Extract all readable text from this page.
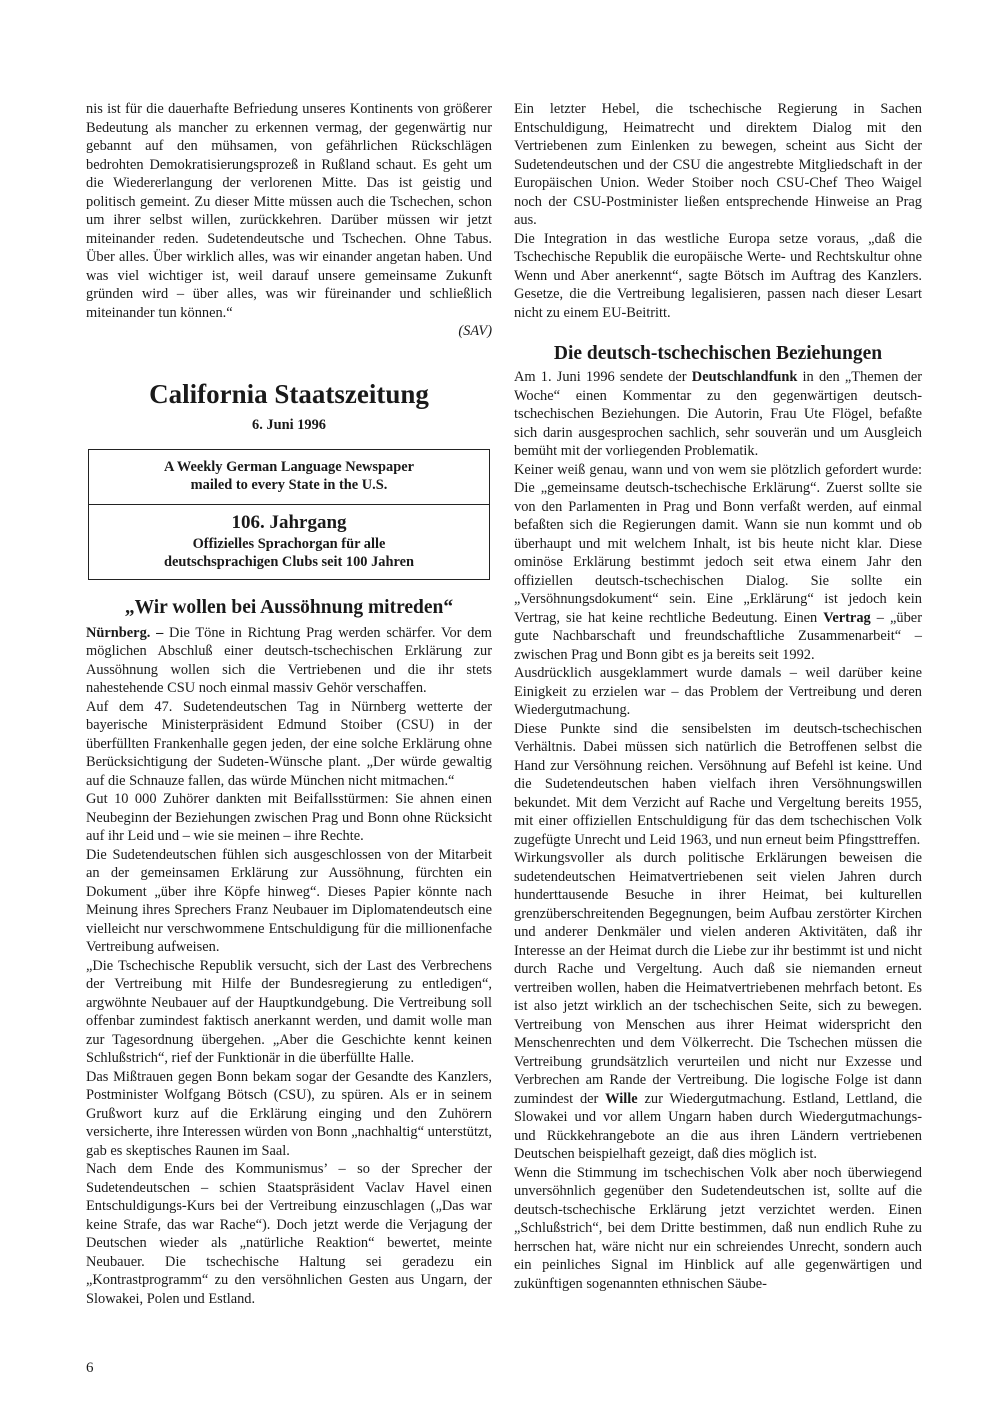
nis ist für die dauerhafte Befriedung unseres Kontinents von größerer Bedeutung als mancher zu erkennen vermag, der gegenwärtig nur gebannt auf den mühsamen, von gefährlichen Rückschlägen bedrohten Demokratisierungsprozeß in Rußland schaut. Es geht um die Wiedererlangung der verlorenen Mitte. Das ist geistig und politisch gemeint. Zu dieser Mitte müssen auch die Tschechen, schon um ihrer selbst willen, zurückkehren. Darüber müssen wir jetzt miteinander reden. Sudetendeutsche und Tschechen. Ohne Tabus. Über alles. Über wirklich alles, was wir einander angetan haben. Und was viel wichtiger ist, weil darauf unsere gemeinsame Zukunft gründen wird – über alles, was wir füreinander und schließlich miteinander tun können.“

(SAV)

California Staatszeitung
6. Juni 1996
A Weekly German Language Newspaper
mailed to every State in the U.S.
106. Jahrgang
Offizielles Sprachorgan für alle
deutschsprachigen Clubs seit 100 Jahren
„Wir wollen bei Aussöhnung mitreden“

Nürnberg. – Die Töne in Richtung Prag werden schärfer. Vor dem möglichen Abschluß einer deutsch-tschechischen Erklärung zur Aussöhnung wollen sich die Vertriebenen und die ihr stets nahestehende CSU noch einmal massiv Gehör verschaffen.

Auf dem 47. Sudetendeutschen Tag in Nürnberg wetterte der bayerische Ministerpräsident Edmund Stoiber (CSU) in der überfüllten Frankenhalle gegen jeden, der eine solche Erklärung ohne Berücksichtigung der Sudeten-Wünsche plant. „Der würde gewaltig auf die Schnauze fallen, das würde München nicht mitmachen.“

Gut 10 000 Zuhörer dankten mit Beifallsstürmen: Sie ahnen einen Neubeginn der Beziehungen zwischen Prag und Bonn ohne Rücksicht auf ihr Leid und – wie sie meinen – ihre Rechte.

Die Sudetendeutschen fühlen sich ausgeschlossen von der Mitarbeit an der gemeinsamen Erklärung zur Aussöhnung, fürchten ein Dokument „über ihre Köpfe hinweg“. Dieses Papier könnte nach Meinung ihres Sprechers Franz Neubauer im Diplomatendeutsch eine vielleicht nur verschwommene Entschuldigung für die millionenfache Vertreibung aufweisen.

„Die Tschechische Republik versucht, sich der Last des Verbrechens der Vertreibung mit Hilfe der Bundesregierung zu entledigen“, argwöhnte Neubauer auf der Hauptkundgebung. Die Vertreibung soll offenbar zumindest faktisch anerkannt werden, und damit wolle man zur Tagesordnung übergehen. „Aber die Geschichte kennt keinen Schlußstrich“, rief der Funktionär in die überfüllte Halle.

Das Mißtrauen gegen Bonn bekam sogar der Gesandte des Kanzlers, Postminister Wolfgang Bötsch (CSU), zu spüren. Als er in seinem Grußwort kurz auf die Erklärung einging und den Zuhörern versicherte, ihre Interessen würden von Bonn „nachhaltig“ unterstützt, gab es skeptisches Raunen im Saal.

Nach dem Ende des Kommunismus’ – so der Sprecher der Sudetendeutschen – schien Staatspräsident Vaclav Havel einen Entschuldigungs-Kurs bei der Vertreibung einzuschlagen („Das war keine Strafe, das war Rache“). Doch jetzt werde die Verjagung der Deutschen wieder als „natürliche Reaktion“ bewertet, meinte Neubauer. Die tschechische Haltung sei geradezu ein „Kontrastprogramm“ zu den versöhnlichen Gesten aus Ungarn, der Slowakei, Polen und Estland.

Ein letzter Hebel, die tschechische Regierung in Sachen Entschuldigung, Heimatrecht und direktem Dialog mit den Vertriebenen zum Einlenken zu bewegen, scheint aus Sicht der Sudetendeutschen und der CSU die angestrebte Mitgliedschaft in der Europäischen Union. Weder Stoiber noch CSU-Chef Theo Waigel noch der CSU-Postminister ließen entsprechende Hinweise an Prag aus.

Die Integration in das westliche Europa setze voraus, „daß die Tschechische Republik die europäische Werte- und Rechtskultur ohne Wenn und Aber anerkennt“, sagte Bötsch im Auftrag des Kanzlers. Gesetze, die die Vertreibung legalisieren, passen nach dieser Lesart nicht zu einem EU-Beitritt.

Die deutsch-tschechischen Beziehungen

Am 1. Juni 1996 sendete der Deutschlandfunk in den „Themen der Woche“ einen Kommentar zu den gegenwärtigen deutsch-tschechischen Beziehungen. Die Autorin, Frau Ute Flögel, befaßte sich darin ausgesprochen sachlich, sehr souverän und um Ausgleich bemüht mit der vorliegenden Problematik.

Keiner weiß genau, wann und von wem sie plötzlich gefordert wurde: Die „gemeinsame deutsch-tschechische Erklärung“. Zuerst sollte sie von den Parlamenten in Prag und Bonn verfaßt werden, auf einmal befaßten sich die Regierungen damit. Wann sie nun kommt und ob überhaupt und mit welchem Inhalt, ist bis heute nicht klar. Diese ominöse Erklärung bestimmt jedoch seit etwa einem Jahr den offiziellen deutsch-tschechischen Dialog. Sie sollte ein „Versöhnungsdokument“ sein. Eine „Erklärung“ ist jedoch kein Vertrag, sie hat keine rechtliche Bedeutung. Einen Vertrag – „über gute Nachbarschaft und freundschaftliche Zusammenarbeit“ – zwischen Prag und Bonn gibt es ja bereits seit 1992.

Ausdrücklich ausgeklammert wurde damals – weil darüber keine Einigkeit zu erzielen war – das Problem der Vertreibung und deren Wiedergutmachung.

Diese Punkte sind die sensibelsten im deutsch-tschechischen Verhältnis. Dabei müssen sich natürlich die Betroffenen selbst die Hand zur Versöhnung reichen. Versöhnung auf Befehl ist keine. Und die Sudetendeutschen haben vielfach ihren Versöhnungswillen bekundet. Mit dem Verzicht auf Rache und Vergeltung bereits 1955, mit einer offiziellen Entschuldigung für das dem tschechischen Volk zugefügte Unrecht und Leid 1963, und nun erneut beim Pfingsttreffen.

Wirkungsvoller als durch politische Erklärungen beweisen die sudetendeutschen Heimatvertriebenen seit vielen Jahren durch hunderttausende Besuche in ihrer Heimat, bei kulturellen grenzüberschreitenden Begegnungen, beim Aufbau zerstörter Kirchen und anderer Denkmäler und vielen anderen Aktivitäten, daß ihr Interesse an der Heimat durch die Liebe zur ihr bestimmt ist und nicht durch Rache und Vergeltung. Auch daß sie niemanden erneut vertreiben wollen, haben die Heimatvertriebenen mehrfach betont. Es ist also jetzt wirklich an der tschechischen Seite, sich zu bewegen. Vertreibung von Menschen aus ihrer Heimat widerspricht den Menschenrechten und dem Völkerrecht. Die Tschechen müssen die Vertreibung grundsätzlich verurteilen und nicht nur Exzesse und Verbrechen am Rande der Vertreibung. Die logische Folge ist dann zumindest der Wille zur Wiedergutmachung. Estland, Lettland, die Slowakei und vor allem Ungarn haben durch Wiedergutmachungs- und Rückkehrangebote an die aus ihren Ländern vertriebenen Deutschen beispielhaft gezeigt, daß dies möglich ist.

Wenn die Stimmung im tschechischen Volk aber noch überwiegend unversöhnlich gegenüber den Sudetendeutschen ist, sollte auf die deutsch-tschechische Erklärung jetzt verzichtet werden. Einen „Schlußstrich“, bei dem Dritte bestimmen, daß nun endlich Ruhe zu herrschen hat, wäre nicht nur ein schreiendes Unrecht, sondern auch ein peinliches Signal im Hinblick auf alle gegenwärtigen und zukünftigen sogenannten ethnischen Säube-

6
